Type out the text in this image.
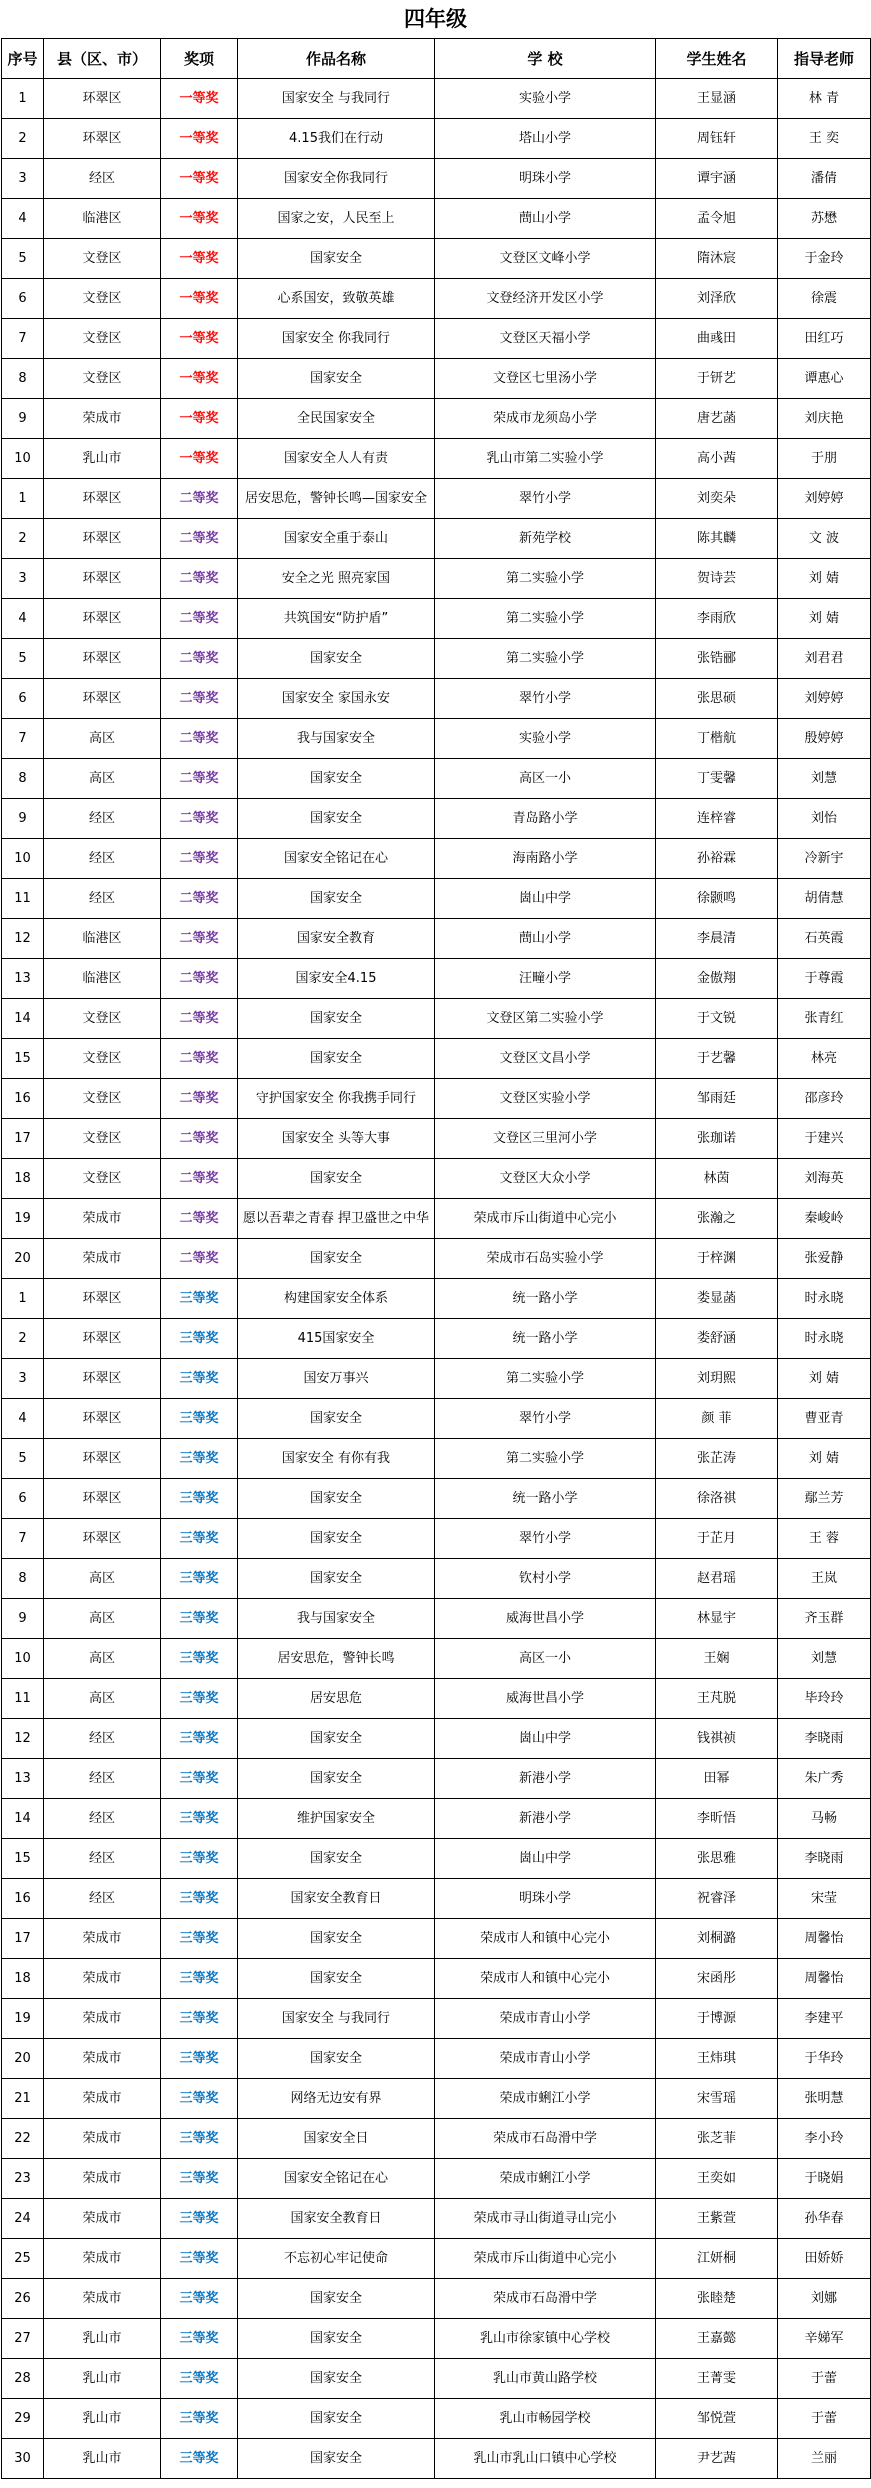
四年级
序号	县（区、市）	奖项	作品名称	学 校	学生姓名	指导老师
1	环翠区	一等奖	国家安全 与我同行	实验小学	王显涵	林 青
2	环翠区	一等奖	4.15我们在行动	塔山小学	周钰轩	王 奕
3	经区	一等奖	国家安全你我同行	明珠小学	谭宇涵	潘倩
4	临港区	一等奖	国家之安，人民至上	蔄山小学	孟令旭	苏懋
5	文登区	一等奖	国家安全	文登区文峰小学	隋沐宸	于金玲
6	文登区	一等奖	心系国安，致敬英雄	文登经济开发区小学	刘泽欣	徐震
7	文登区	一等奖	国家安全 你我同行	文登区天福小学	曲彧田	田红巧
8	文登区	一等奖	国家安全	文登区七里汤小学	于钘艺	谭惠心
9	荣成市	一等奖	全民国家安全	荣成市龙须岛小学	唐艺菡	刘庆艳
10	乳山市	一等奖	国家安全人人有责	乳山市第二实验小学	高小茜	于朋
1	环翠区	二等奖	居安思危，警钟长鸣—国家安全	翠竹小学	刘奕朵	刘婷婷
2	环翠区	二等奖	国家安全重于泰山	新苑学校	陈其麟	文 波
3	环翠区	二等奖	安全之光 照亮家国	第二实验小学	贺诗芸	刘 婧
4	环翠区	二等奖	共筑国安“防护盾”	第二实验小学	李雨欣	刘 婧
5	环翠区	二等奖	国家安全	第二实验小学	张锆郦	刘君君
6	环翠区	二等奖	国家安全 家国永安	翠竹小学	张思硕	刘婷婷
7	高区	二等奖	我与国家安全	实验小学	丁楷航	殷婷婷
8	高区	二等奖	国家安全	高区一小	丁雯馨	刘慧
9	经区	二等奖	国家安全	青岛路小学	连梓睿	刘怡
10	经区	二等奖	国家安全铭记在心	海南路小学	孙裕霖	冷新宇
11	经区	二等奖	国家安全	崮山中学	徐颢鸣	胡倩慧
12	临港区	二等奖	国家安全教育	蔄山小学	李晨清	石英霞
13	临港区	二等奖	国家安全4.15	汪疃小学	金傲翔	于尊霞
14	文登区	二等奖	国家安全	文登区第二实验小学	于文锐	张青红
15	文登区	二等奖	国家安全	文登区文昌小学	于艺馨	林亮
16	文登区	二等奖	守护国家安全 你我携手同行	文登区实验小学	邹雨廷	邵彦玲
17	文登区	二等奖	国家安全 头等大事	文登区三里河小学	张珈诺	于建兴
18	文登区	二等奖	国家安全	文登区大众小学	林茵	刘海英
19	荣成市	二等奖	愿以吾辈之青春 捍卫盛世之中华	荣成市斥山街道中心完小	张瀚之	秦峻岭
20	荣成市	二等奖	国家安全	荣成市石岛实验小学	于梓渊	张爱静
1	环翠区	三等奖	构建国家安全体系	统一路小学	娄显菡	时永晓
2	环翠区	三等奖	415国家安全	统一路小学	娄舒涵	时永晓
3	环翠区	三等奖	国安万事兴	第二实验小学	刘玥熙	刘 婧
4	环翠区	三等奖	国家安全	翠竹小学	颜 菲	曹亚青
5	环翠区	三等奖	国家安全 有你有我	第二实验小学	张芷涛	刘 婧
6	环翠区	三等奖	国家安全	统一路小学	徐洛祺	鄢兰芳
7	环翠区	三等奖	国家安全	翠竹小学	于芷月	王 蓉
8	高区	三等奖	国家安全	钦村小学	赵君瑶	王岚
9	高区	三等奖	我与国家安全	威海世昌小学	林显宇	齐玉群
10	高区	三等奖	居安思危，警钟长鸣	高区一小	王娴	刘慧
11	高区	三等奖	居安思危	威海世昌小学	王芃脱	毕玲玲
12	经区	三等奖	国家安全	崮山中学	钱祺祯	李晓雨
13	经区	三等奖	国家安全	新港小学	田幂	朱广秀
14	经区	三等奖	维护国家安全	新港小学	李昕悟	马畅
15	经区	三等奖	国家安全	崮山中学	张思雅	李晓雨
16	经区	三等奖	国家安全教育日	明珠小学	祝睿泽	宋莹
17	荣成市	三等奖	国家安全	荣成市人和镇中心完小	刘桐潞	周馨怡
18	荣成市	三等奖	国家安全	荣成市人和镇中心完小	宋函彤	周馨怡
19	荣成市	三等奖	国家安全 与我同行	荣成市青山小学	于博源	李建平
20	荣成市	三等奖	国家安全	荣成市青山小学	王炜琪	于华玲
21	荣成市	三等奖	网络无边安有界	荣成市蜊江小学	宋雪瑶	张明慧
22	荣成市	三等奖	国家安全日	荣成市石岛滑中学	张芝菲	李小玲
23	荣成市	三等奖	国家安全铭记在心	荣成市蜊江小学	王奕如	于晓娟
24	荣成市	三等奖	国家安全教育日	荣成市寻山街道寻山完小	王紫萱	孙华春
25	荣成市	三等奖	不忘初心牢记使命	荣成市斥山街道中心完小	江妍桐	田娇娇
26	荣成市	三等奖	国家安全	荣成市石岛滑中学	张睦楚	刘娜
27	乳山市	三等奖	国家安全	乳山市徐家镇中心学校	王嘉懿	辛娣军
28	乳山市	三等奖	国家安全	乳山市黄山路学校	王菁雯	于蕾
29	乳山市	三等奖	国家安全	乳山市畅园学校	邹悦萱	于蕾
30	乳山市	三等奖	国家安全	乳山市乳山口镇中心学校	尹艺茜	兰丽
